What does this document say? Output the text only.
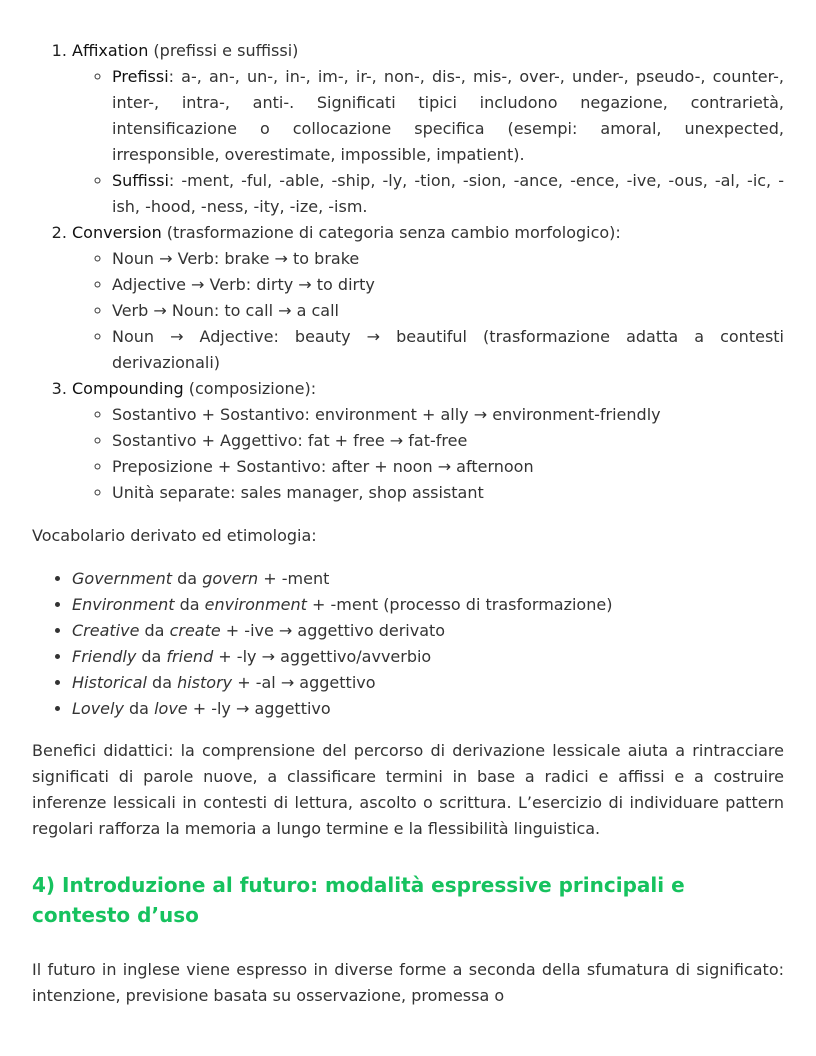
1. Affixation (prefissi e suffissi)
◦ Prefissi: a-, an-, un-, in-, im-, ir-, non-, dis-, mis-, over-, under-, pseudo-, counter-, inter-, intra-, anti-. Significati tipici includono negazione, contrarietà, intensificazione o collocazione specifica (esempi: amoral, unexpected, irresponsible, overestimate, impossible, impatient).
◦ Suffissi: -ment, -ful, -able, -ship, -ly, -tion, -sion, -ance, -ence, -ive, -ous, -al, -ic, -ish, -hood, -ness, -ity, -ize, -ism.
2. Conversion (trasformazione di categoria senza cambio morfologico):
◦ Noun → Verb: brake → to brake
◦ Adjective → Verb: dirty → to dirty
◦ Verb → Noun: to call → a call
◦ Noun → Adjective: beauty → beautiful (trasformazione adatta a contesti derivazionali)
3. Compounding (composizione):
◦ Sostantivo + Sostantivo: environment + ally → environment-friendly
◦ Sostantivo + Aggettivo: fat + free → fat-free
◦ Preposizione + Sostantivo: after + noon → afternoon
◦ Unità separate: sales manager, shop assistant

Vocabolario derivato ed etimologia:

• Government da govern + -ment
• Environment da environment + -ment (processo di trasformazione)
• Creative da create + -ive → aggettivo derivato
• Friendly da friend + -ly → aggettivo/avverbio
• Historical da history + -al → aggettivo
• Lovely da love + -ly → aggettivo

Benefici didattici: la comprensione del percorso di derivazione lessicale aiuta a rintracciare significati di parole nuove, a classificare termini in base a radici e affissi e a costruire inferenze lessicali in contesti di lettura, ascolto o scrittura. L’esercizio di individuare pattern regolari rafforza la memoria a lungo termine e la flessibilità linguistica.

4) Introduzione al futuro: modalità espressive principali e contesto d’uso

Il futuro in inglese viene espresso in diverse forme a seconda della sfumatura di significato: intenzione, previsione basata su osservazione, promessa o
